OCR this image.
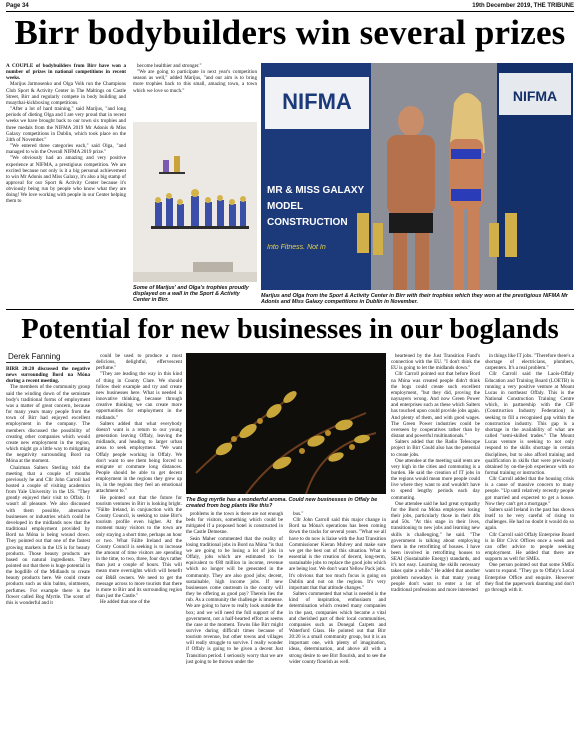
Page 34	19th December 2019, THE TRIBUNE
Birr bodybuilders win several prizes

A COUPLE of bodybuilders from Birr have won a number of prizes in national competitions in recent weeks.

Marijus Jarmosenko and Olga Volk run the Champions Club Sport & Activity Center in The Maltings on Castle Street, Birr and regularly compete in body building and muaythai-kickboxing competitions.

"After a lot of hard training," said Marijus, "and long periods of dieting Olga and I are very proud that in recent weeks we have brought back to our town six trophies and three medals from the NIFMA 2019 Mr Adonis & Miss Galaxy competitions in Dublin, which took place on the 24th of November."

"We entered three categories each," said Olga, "and managed to win the Overall NIFMA 2019 prize."

"We obviously had an amazing and very positive experience at NIFMA, a prestigious competition. We are excited because not only is it a big personal achievement to win Mr Adonis and Miss Galaxy, it's also a big stamp of approval for our Sport & Activity Center because it's obviously being run by people who know what they are doing! We love working with people in our Center helping them to

become healthier and stronger."

"We are going to participate in next year's competition season as well," added Marijus, "and our aim is to bring more trophies back to this small, amazing town, a town which we love so much."

Some of Marijus' and Olga's trophies proudly displayed on a wall in the Sport & Activity Center in Birr.
NIFMA
MR & MISS GALAXY
MODEL
CONSTRUCTION
Into Fitness. Not In
NIFMA
Marijus and Olga from the Sport & Activity Center in Birr with their trophies which they won at the prestigious NIFMA Mr Adonis and Miss Galaxy competitions in Dublin in November.
Potential for new businesses in our boglands
Derek Fanning

BIRR 20:20 discussed the negative news surrounding Bord na Móna during a recent meeting.

The members of the community group said the winding down of the semistate body's traditional forms of employment was a matter of great concern, because for many years many people from the town of Birr had enjoyed excellent employment in the company. The members discussed the possibility of creating other companies which would create new employment in the region, which might go a little way to mitigating the negativity surrounding Bord na Móna at the moment.

Chairman Salters Sterling told the meeting that a couple of months previously he and Cllr John Carroll had hosted a couple of visiting academics from Yale University in the US. "They greatly enjoyed their visit to Offaly. It wasn't all pleasure. We also discussed with them possible, alternative businesses or industries which could be developed in the midlands now that the traditional employment provided by Bord na Móna is being wound down. They pointed out that one of the fastest growing markets in the US is for beauty products. Those beauty products are based on natural ingredients. They pointed out that there is huge potential in the bogdlife of the Midlands to create beauty products here. We could create products such as skin balms, ointments, perfumes. For example there is the flower called Bog Myrtle. The scent of this is wonderful and it

could be used to produce a most delicious, delightful, effervescent perfume."

"They are leading the way in this kind of thing in County Clare. We should follow their example and try and create new businesses here. What is needed is innovative thinking, because through creative thinking we can create more opportunities for employment in the midlands."

Salters added that what everybody doesn't want is a return to our young generation leaving Offaly, leaving the midlands, and heading to larger urban areas to seek employment. "We want Offaly people working in Offaly. We don't want to see them being forced to emigrate or commute long distances. People should be able to get decent employment in the regions they grew up in, in the regions they feel an emotional attachment to."

He pointed out that the future for tourism ventures in Birr is looking bright. "Fáilte Ireland, in conjunction with the County Council, is seeking to raise Birr's tourism profile even higher. At the moment many visitors to the town are only staying a short time, perhaps an hour or two. What Fáilte Ireland and the County Council is seeking is to increase the amount of time visitors are spending in the time, to two, three, four days rather than just a couple of hours. This will mean more overnights which will benefit our B&B owners. We need to get the message across to more tourists that there is more to Birr and its surrounding region than just the Castle."

He added that one of the

The Bog myrtle has a wonderful aroma. Could new businesses in Offaly be created from bog plants like this?

problems in the town is there are not enough beds for visitors, something which could be mitigated if a proposed hotel is constructed in the Castle Demesne.

Seán Maher commented that the reality of losing traditional jobs in Bord na Móna "is that we are going to be losing a lot of jobs in Offaly, jobs which are estimated to be equivalent to €80 million in income, revenue which no longer will be generated in the community. They are also good jobs; decent, sustainable, high income jobs. If new businesses come onstream in the county will they be offering as good pay? Therein lies the rub. As a community the challenge is immense. We are going to have to really look outside the box; and we will need the full support of the government, not a half-hearted effort as seems the case at the moment. Towns like Birr might survive during difficult times because of tourism revenue, but other towns and villages will really struggle to survive. I really wonder if Offaly is going to be given a decent Just Transition period. I seriously worry that we are just going to be thrown under the

bus."

Cllr John Carroll said this major change in Bord na Móna's operations has been coming down the tracks for several years. "What we all have to do now is liaise with the Just Transition Commissioner Kieran Mulvey and make sure we get the best out of this situation. What is essential is the creation of decent, long-term, sustainable jobs to replace the good jobs which are being lost. We don't want Yellow Pack jobs. It's obvious that too much focus is going on Dublin and not on the regions. It's very important that that attitude changes."

Salters commented that what is needed is the kind of inspiration, enthusiasm and determination which created many companies in the past, companies which became a vital and cherished part of their local communities, companies such as Donegal Carpets and Waterford Glass. He pointed out that Birr 20:20 is a small community group, but it is an important one, with plenty of imagination, ideas, determination, and above all with a strong desire to see Birr flourish, and to see the wider county flourish as well.

heartened by the Just Transition Fund's connection with the EU. "I don't think the EU is going to let the midlands down."

Cllr Carroll pointed out that before Bord na Móna was created people didn't think the bogs could create such excellent employment, "but they did, proving the naysayers wrong. And now Green Power and enterprises such as these which Salters has touched upon could provide jobs again. And plenty of them, and with good wages. The Green Power industries could be overseen by cooperatives rather than by distant and powerful multinationals."

Salters added that the Radio Telescope project in Birr Could also has the potential to create jobs.

One attendee at the meeting said rents are very high in the cities and commuting is a burden. He said the creation of IT jobs in the regions would mean more people could live where they want to and wouldn't have to spend lengthy periods each day commuting.

One attendee said he had great sympathy for the Bord na Móna employees losing their jobs, particularly those in their 40s and 50s. "At this stage in their lives, transitioning to new jobs and learning new skills is challenging," he said. "The government is talking about employing them in the retrofitting of houses. I have been involved in retrofitting houses to SEAI (Sustainable Energy) standards, and it's not easy. Learning the skills necessary takes quite a while." He added that another problem nowadays is that many young people don't want to enter a lot of traditional professions and more interested

in things like IT jobs. "Therefore there's a shortage of electricians, plumbers, carpenters. It's a real problem."

Cllr Carroll said the Laois-Offaly Education and Training Board (LOETB) is running a very positive venture at Mount Lucas in northeast Offaly. This is the National Construction Training Centre which, in partnership with the CIF (Construction Industry Federation) is seeking to fill a recognised gap within the construction industry. This gap is a shortage in the availability of what are called "semi-skilled trades." The Mount Lucas venture is seeking to not only respond to the skills shortage in certain disciplines, but to also afford training and qualification in skills that were previously obtained by on-the-job experience with no formal training or instruction.

Cllr Carroll added that the housing crisis is a cause of massive concern to many people. "Up until relatively recently people got married and expected to get a house. Now they can't get a mortgage."

Salters said Ireland in the past has shown itself to be very careful of rising to challenges. He had no doubt it would do so again.

Cllr Carroll said Offaly Enterprise Board is in Birr Civic Offices once a week and can offer advice to people seeking employment. He added that there are supports as well for SMEs.

One person pointed out that some SMEs want to expand. "They go to Offaly's Local Enterprise Office and enquire. However they find the paperwork daunting and don't go through with it.
